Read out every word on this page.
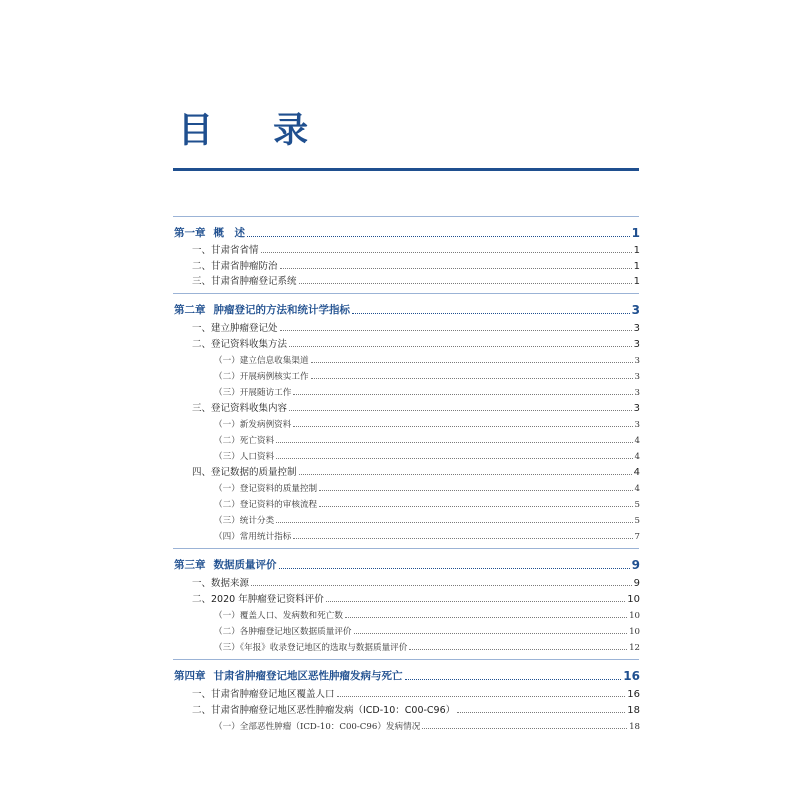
目 录
第一章 概　述	1
一、甘肃省省情	1
二、甘肃省肿瘤防治	1
三、甘肃省肿瘤登记系统	1
第二章 肿瘤登记的方法和统计学指标	3
一、建立肿瘤登记处	3
二、登记资料收集方法	3
（一）建立信息收集渠道	3
（二）开展病例核实工作	3
（三）开展随访工作	3
三、登记资料收集内容	3
（一）新发病例资料	3
（二）死亡资料	4
（三）人口资料	4
四、登记数据的质量控制	4
（一）登记资料的质量控制	4
（二）登记资料的审核流程	5
（三）统计分类	5
（四）常用统计指标	7
第三章 数据质量评价	9
一、数据来源	9
二、2020 年肿瘤登记资料评价	10
（一）覆盖人口、发病数和死亡数	10
（二）各肿瘤登记地区数据质量评价	10
（三）《年报》收录登记地区的选取与数据质量评价	12
第四章 甘肃省肿瘤登记地区恶性肿瘤发病与死亡	16
一、甘肃省肿瘤登记地区覆盖人口	16
二、甘肃省肿瘤登记地区恶性肿瘤发病（ICD-10：C00-C96）	18
（一）全部恶性肿瘤（ICD-10：C00-C96）发病情况	18
